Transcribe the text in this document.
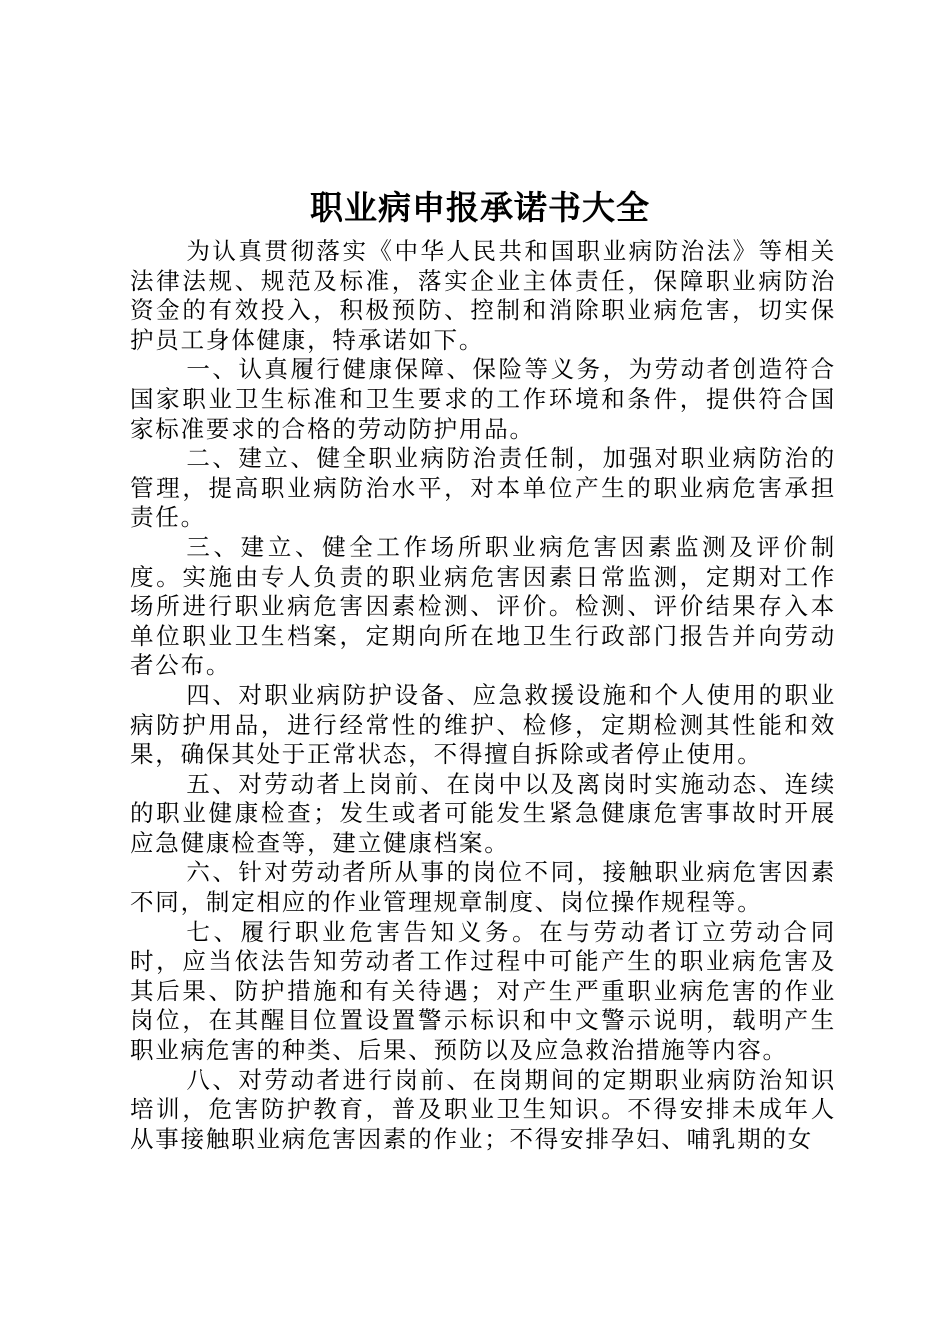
职业病申报承诺书大全

为认真贯彻落实《中华人民共和国职业病防治法》等相关法律法规、规范及标准，落实企业主体责任，保障职业病防治资金的有效投入，积极预防、控制和消除职业病危害，切实保护员工身体健康，特承诺如下。

一、认真履行健康保障、保险等义务，为劳动者创造符合国家职业卫生标准和卫生要求的工作环境和条件，提供符合国家标准要求的合格的劳动防护用品。

二、建立、健全职业病防治责任制，加强对职业病防治的管理，提高职业病防治水平，对本单位产生的职业病危害承担责任。

三、建立、健全工作场所职业病危害因素监测及评价制度。实施由专人负责的职业病危害因素日常监测，定期对工作场所进行职业病危害因素检测、评价。检测、评价结果存入本单位职业卫生档案，定期向所在地卫生行政部门报告并向劳动者公布。

四、对职业病防护设备、应急救援设施和个人使用的职业病防护用品，进行经常性的维护、检修，定期检测其性能和效果，确保其处于正常状态，不得擅自拆除或者停止使用。

五、对劳动者上岗前、在岗中以及离岗时实施动态、连续的职业健康检查；发生或者可能发生紧急健康危害事故时开展应急健康检查等，建立健康档案。

六、针对劳动者所从事的岗位不同，接触职业病危害因素不同，制定相应的作业管理规章制度、岗位操作规程等。

七、履行职业危害告知义务。在与劳动者订立劳动合同时，应当依法告知劳动者工作过程中可能产生的职业病危害及其后果、防护措施和有关待遇；对产生严重职业病危害的作业岗位，在其醒目位置设置警示标识和中文警示说明，载明产生职业病危害的种类、后果、预防以及应急救治措施等内容。

八、对劳动者进行岗前、在岗期间的定期职业病防治知识培训，危害防护教育，普及职业卫生知识。不得安排未成年人从事接触职业病危害因素的作业；不得安排孕妇、哺乳期的女
